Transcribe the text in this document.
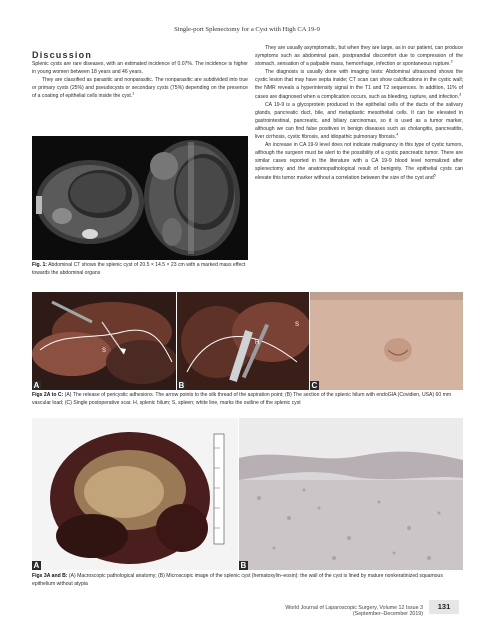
Single-port Splenectomy for a Cyst with High CA 19-9
Discussion

Splenic cysts are rare diseases, with an estimated incidence of 0.07%. The incidence is higher in young women between 18 years and 46 years.

They are classified as parasitic and nonparasitic. The nonparasitic are subdivided into true or primary cysts (25%) and pseudocysts or secondary cysts (75%) depending on the presence of a coating of epithelial cells inside the cyst.$^1$

Fig. 1: Abdominal CT shows the splenic cyst of 20.5 × 14.5 × 23 cm with a marked mass effect towards the abdominal organs

They are usually asymptomatic, but when they are large, as in our patient, can produce symptoms such as abdominal pain, postprandial discomfort due to compression of the stomach, sensation of a palpable mass, hemorrhage, infection or spontaneous rupture.$^2$

The diagnosis is usually done with imaging tests: Abdominal ultrasound shows the cystic lesion that may have septa inside; CT scan can show calcifications in the cystic wall; the NMR reveals a hyperintensity signal in the T1 and T2 sequences. In addition, 11% of cases are diagnosed when a complication occurs, such as bleeding, rupture, and infection.$^3$

CA 19-9 is a glycoprotein produced in the epithelial cells of the ducts of the salivary glands, pancreatic duct, bile, and metaplastic mesothelial cells. It can be elevated in gastrointestinal, pancreatic, and biliary carcinomas, so it is used as a tumor marker, although we can find false positives in benign diseases such as cholangitis, pancreatitis, liver cirrhosis, cystic fibrosis, and idiopathic pulmonary fibrosis.$^4$

An increase in CA 19-9 level does not indicate malignancy in this type of cystic tumors, although the surgeon must be alert to the possibility of a cystic pancreatic tumor. There are similar cases reported in the literature with a CA 19-9 blood level normalized after splenectomy and the anatomopathological result of benignity. The epithelial cysts can elevate this tumor marker without a correlation between the size of the cyst and$^5$

S
A
S
H
B	C
Figs 2A to C: (A) The release of pericystic adhesions. The arrow points to the silk thread of the aspiration point; (B) The section of the splenic hilum with endoGIA (Covidien, USA) 60 mm vascular load; (C) Single postoperative scar. H, splenic hilum; S, spleen; white line, marks the outline of the splenic cyst
A	B
Figs 3A and B: (A) Macroscopic pathological anatomy; (B) Microscopic image of the splenic cyst (hematoxylin–eosin): the wall of the cyst is lined by mature nonkeratinized squamous epithelium without atypia
World Journal of Laparoscopic Surgery, Volume 12 Issue 3 (September–December 2019)
131
